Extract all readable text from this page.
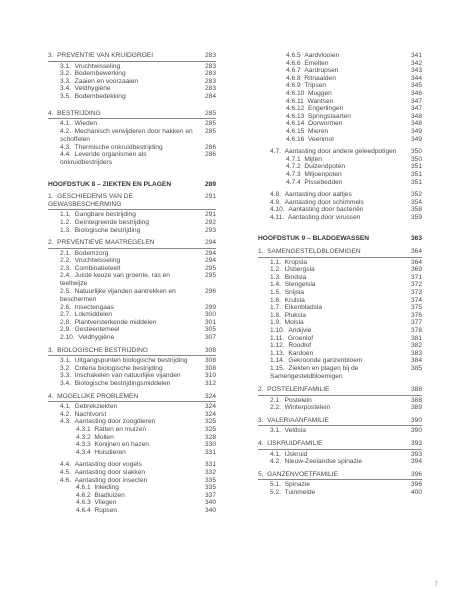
3.  PREVENTIE VAN KRUIDGROEI	283
3.1.  Vruchtwisseling	283
3.2.  Bodembewerking	283
3.3.  Zaaien en voorzaaien	283
3.4.  Veldhygiëne	283
3.5.  Bodembedekking	284
4.  BESTRIJDING	285
4.1.  Wieden	285
4.2.  Mechanisch verwijderen door hakken en schoffelen
285
4.3.  Thermische onkruidbestrijding	286
4.4.  Levende organismen als onkruidbestrijders
286
HOOFDSTUK 8 – ZIEKTEN EN PLAGEN	289
1.  GESCHIEDENIS VAN DE GEWASBESCHERMING
291
1.1.  Gangbare bestrijding	291
1.2.  Geïntegreerde bestrijding	292
1.3.  Biologische bestrijding	293
2.  PREVENTIEVE MAATREGELEN	294
2.1.  Bodemzorg	294
2.2.  Vruchtwisseling	294
2.3.  Combinatieteelt	295
2.4.  Juiste keuze van groente, ras en teeltwijze
295
2.5.  Natuurlijke vijanden aantrekken en beschermen
296
2.6.  Insectengaas	299
2.7.  Lokmiddelen	300
2.8.  Plantversterkende middelen	301
2.9.  Gesteentemeel	305
2.10.  Veldhygiëne	307
3.  BIOLOGISCHE BESTRIJDING	308
3.1.  Uitgangspunten biologische bestrijding	308
3.2.  Criteria biologische bestrijding	308
3.3.  Inschakelen van natuurlijke vijanden	310
3.4.  Biologische bestrijdingsmiddelen	312
4.  MOGELIJKE PROBLEMEN	324
4.1.  Gebrekziekten	324
4.2.  Nachtvorst	324
4.3.  Aantasting door zoogdieren	325
4.3.1  Ratten en muizen	325
4.3.2  Mollen	328
4.3.3  Konijnen en hazen	330
4.3.4  Huisdieren	331
4.4.  Aantasting door vogels	331
4.5.  Aantasting door slakken	332
4.6.  Aantasting door insecten	335
4.6.1  Inleiding	335
4.6.2  Bladluizen	337
4.6.3  Vliegen	340
4.6.4  Rupsen	340
4.6.5  Aardvlooien	341
4.6.6  Emelten	342
4.6.7  Aardrupsen	343
4.6.8  Ritnaalden	344
4.6.9  Tripsen	345
4.6.10  Muggen	346
4.6.11  Wantsen	347
4.6.12  Engerlingen	347
4.6.13  Springstaarten	348
4.6.14  Oorwormen	348
4.6.15  Mieren	349
4.6.16  Veenmol	349
4.7.  Aantasting door andere geleedpotigen	350
4.7.1  Mijten	350
4.7.2  Duizendpoten	351
4.7.3  Miljoenpoten	351
4.7.4  Pissebedden	351
4.8.  Aantasting door aaltjes	352
4.9.  Aantasting door schimmels	354
4.10.  Aantasting door bacteriën	358
4.11.  Aantasting door virussen	359
HOOFDSTUK 9 – BLADGEWASSEN	363
1.  SAMENGESTELDBLOEMIGEN	364
1.1.  Kropsla	364
1.2.  IJsbergsla	369
1.3.  Bindsla	371
1.4.  Stengelsla	372
1.5.  Snijsla	373
1.6.  Krulsla	374
1.7.  Eikenbladsla	375
1.8.  Pluksla	376
1.9.  Molsla	377
1.10.  Andijvie	378
1.11.  Groenlof	381
1.12.  Roodlof	382
1.13.  Kardoen	383
1.14.  Gekroonde ganzenbloem	384
1.15.  Ziekten en plagen bij de Samengesteldbloemigen
385
2.  POSTELEINFAMILIE	388
2.1.  Postelein	388
2.2.  Winterpostelein	389
3.  VALERIAANFAMILIE	390
3.1.  Veldsla	390
4.  IJSKRUIDFAMILIE	393
4.1.  IJskruid	393
4.2.  Nieuw-Zeelandse spinazie	394
5.  GANZENVOETFAMILIE	396
5.1.  Spinazie	396
5.2.  Tuinmelde	400
7
